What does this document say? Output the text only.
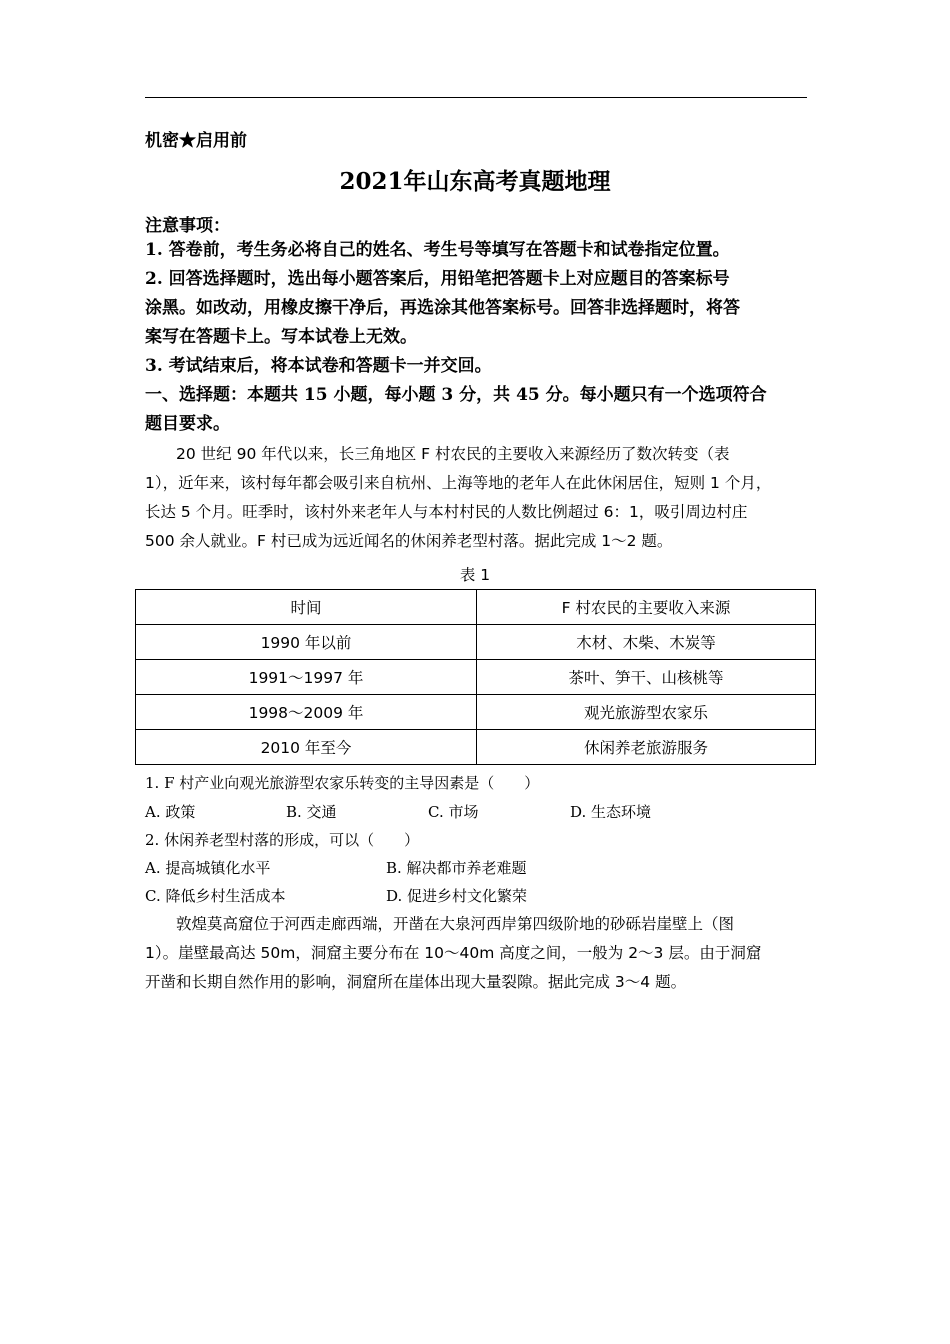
机密★启用前
2021年山东高考真题地理
注意事项：

1. 答卷前，考生务必将自己的姓名、考生号等填写在答题卡和试卷指定位置。

2. 回答选择题时，选出每小题答案后，用铅笔把答题卡上对应题目的答案标号

涂黑。如改动，用橡皮擦干净后，再选涂其他答案标号。回答非选择题时，将答

案写在答题卡上。写本试卷上无效。

3. 考试结束后，将本试卷和答题卡一并交回。

一、选择题：本题共 15 小题，每小题 3 分，共 45 分。每小题只有一个选项符合

题目要求。

20 世纪 90 年代以来，长三角地区 F 村农民的主要收入来源经历了数次转变（表

1），近年来，该村每年都会吸引来自杭州、上海等地的老年人在此休闲居住，短则 1 个月，

长达 5 个月。旺季时，该村外来老年人与本村村民的人数比例超过 6：1，吸引周边村庄

500 余人就业。F 村已成为远近闻名的休闲养老型村落。据此完成 1～2 题。

表 1
时间	F 村农民的主要收入来源
1990 年以前	木材、木柴、木炭等
1991～1997 年	茶叶、笋干、山核桃等
1998～2009 年	观光旅游型农家乐
2010 年至今	休闲养老旅游服务
1. F 村产业向观光旅游型农家乐转变的主导因素是（　　）
A. 政策	B. 交通	C. 市场	D. 生态环境
2. 休闲养老型村落的形成，可以（　　）
A. 提高城镇化水平	B. 解决都市养老难题
C. 降低乡村生活成本	D. 促进乡村文化繁荣

敦煌莫高窟位于河西走廊西端，开凿在大泉河西岸第四级阶地的砂砾岩崖壁上（图

1）。崖壁最高达 50m，洞窟主要分布在 10～40m 高度之间，一般为 2～3 层。由于洞窟

开凿和长期自然作用的影响，洞窟所在崖体出现大量裂隙。据此完成 3～4 题。
